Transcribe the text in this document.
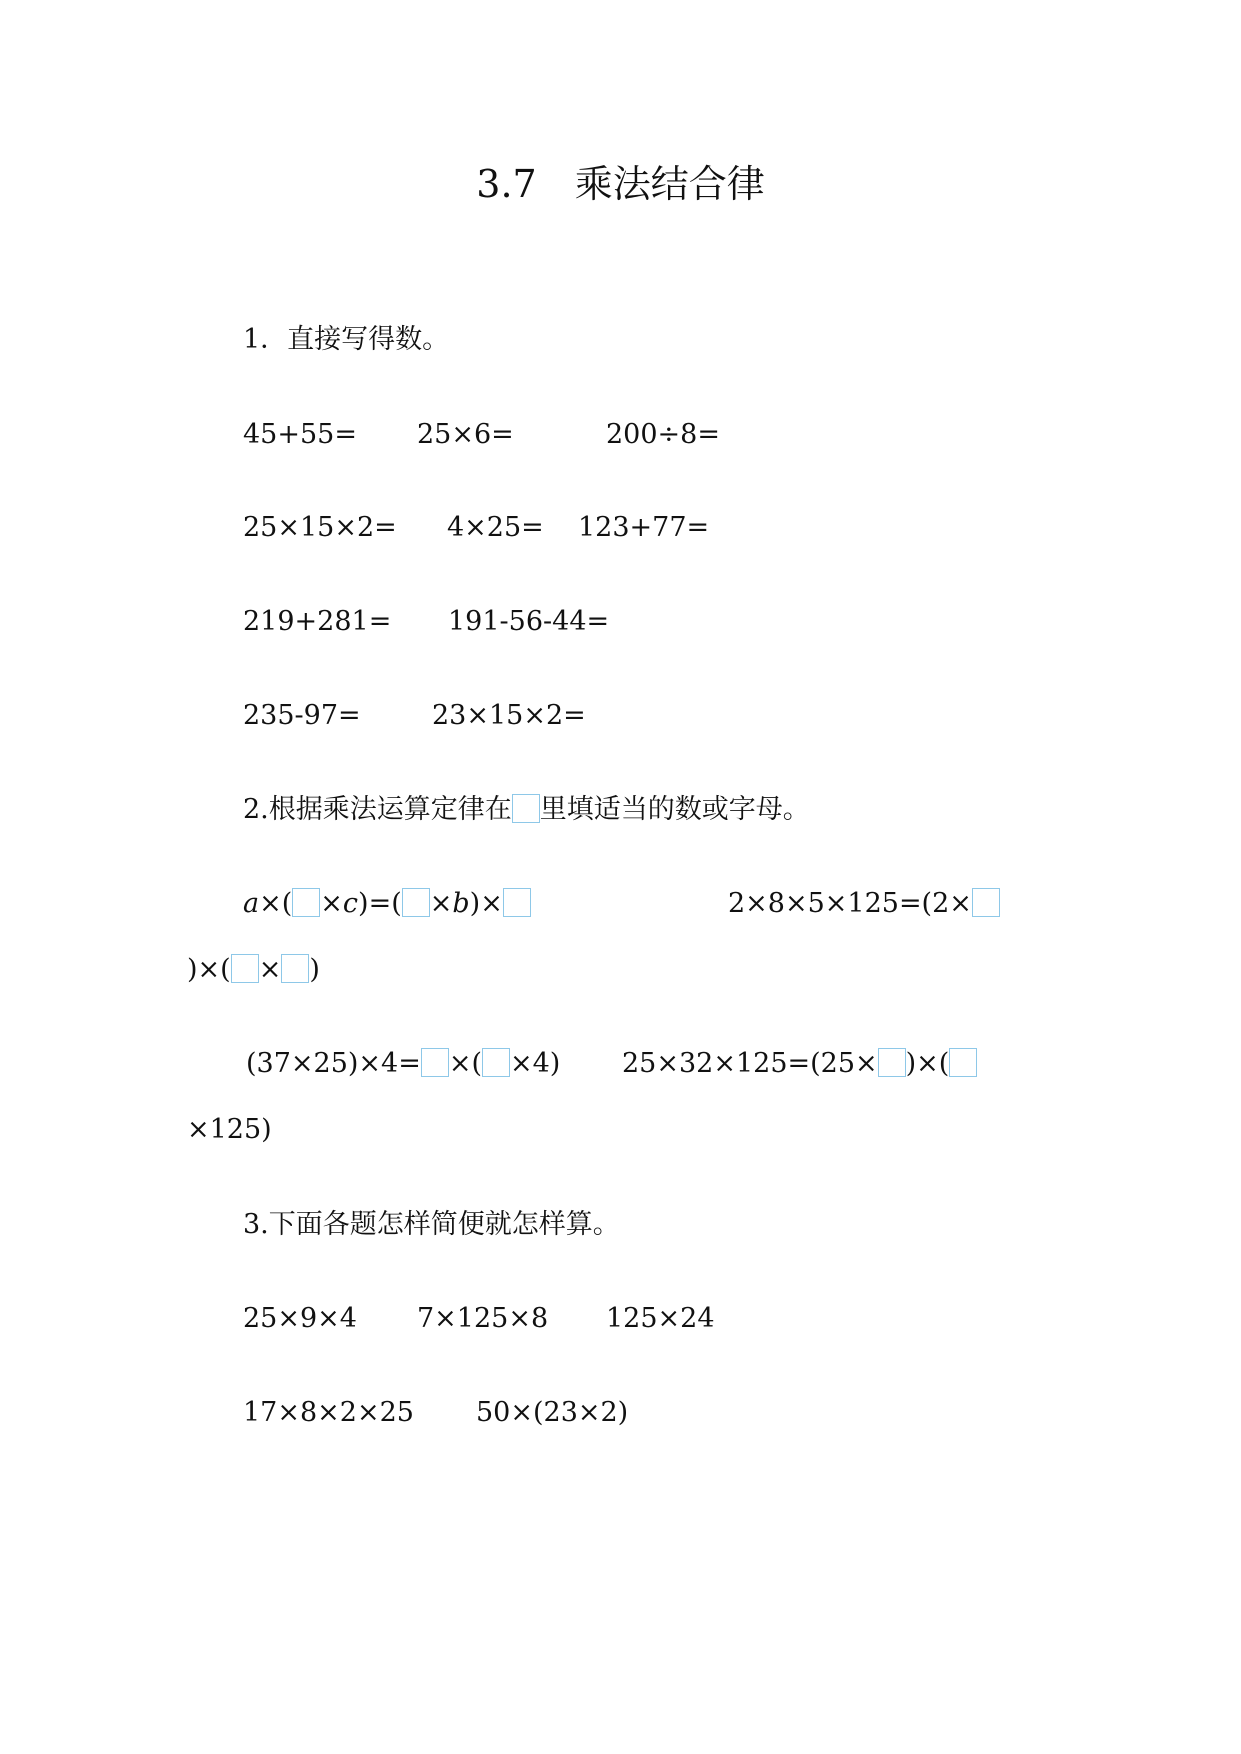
3.7　乘法结合律
1．直接写得数。
45+55= 25×6=	200÷8=
25×15×2= 4×25= 123+77=
219+281= 191-56-44=
235-97=	23×15×2=
2.根据乘法运算定律在 里填适当的数或字母。
a×( ×c)=( ×b)×	2×8×5×125=(2×
)×( × )
(37×25)×4= ×( ×4) 25×32×125=(25× )×(
×125)
3.下面各题怎样简便就怎样算。
25×9×4 7×125×8 125×24
17×8×2×25 50×(23×2)
